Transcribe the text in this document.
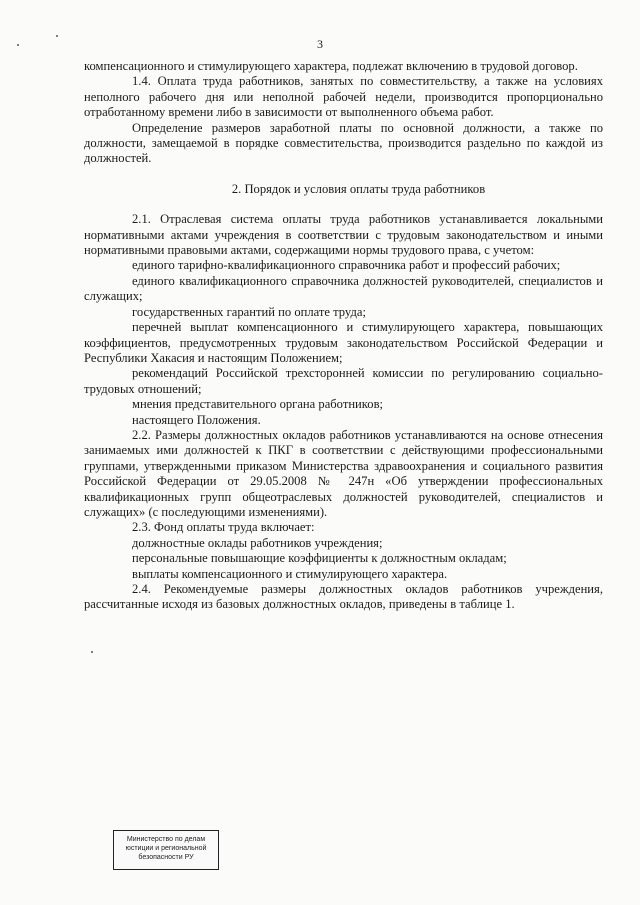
3

компенсационного и стимулирующего характера, подлежат включению в трудовой договор.

1.4. Оплата труда работников, занятых по совместительству, а также на условиях неполного рабочего дня или неполной рабочей недели, производится пропорционально отработанному времени либо в зависимости от выполненного объема работ.

Определение размеров заработной платы по основной должности, а также по должности, замещаемой в порядке совместительства, производится раздельно по каждой из должностей.

2. Порядок и условия оплаты труда работников

2.1. Отраслевая система оплаты труда работников устанавливается локальными нормативными актами учреждения в соответствии с трудовым законодательством и иными нормативными правовыми актами, содержащими нормы трудового права, с учетом:

единого тарифно-квалификационного справочника работ и профессий рабочих;

единого квалификационного справочника должностей руководителей, специалистов и служащих;

государственных гарантий по оплате труда;

перечней выплат компенсационного и стимулирующего характера, повышающих коэффициентов, предусмотренных трудовым законодательством Российской Федерации и Республики Хакасия и настоящим Положением;

рекомендаций Российской трехсторонней комиссии по регулированию социально-трудовых отношений;

мнения представительного органа работников;

настоящего Положения.

2.2. Размеры должностных окладов работников устанавливаются на основе отнесения занимаемых ими должностей к ПКГ в соответствии с действующими профессиональными группами, утвержденными приказом Министерства здравоохранения и социального развития Российской Федерации от 29.05.2008 № 247н «Об утверждении профессиональных квалификационных групп общеотраслевых должностей руководителей, специалистов и служащих» (с последующими изменениями).

2.3. Фонд оплаты труда включает:

должностные оклады работников учреждения;

персональные повышающие коэффициенты к должностным окладам;

выплаты компенсационного и стимулирующего характера.

2.4. Рекомендуемые размеры должностных окладов работников учреждения, рассчитанные исходя из базовых должностных окладов, приведены в таблице 1.

Министерство по делам
юстиции и региональной
безопасности РУ
